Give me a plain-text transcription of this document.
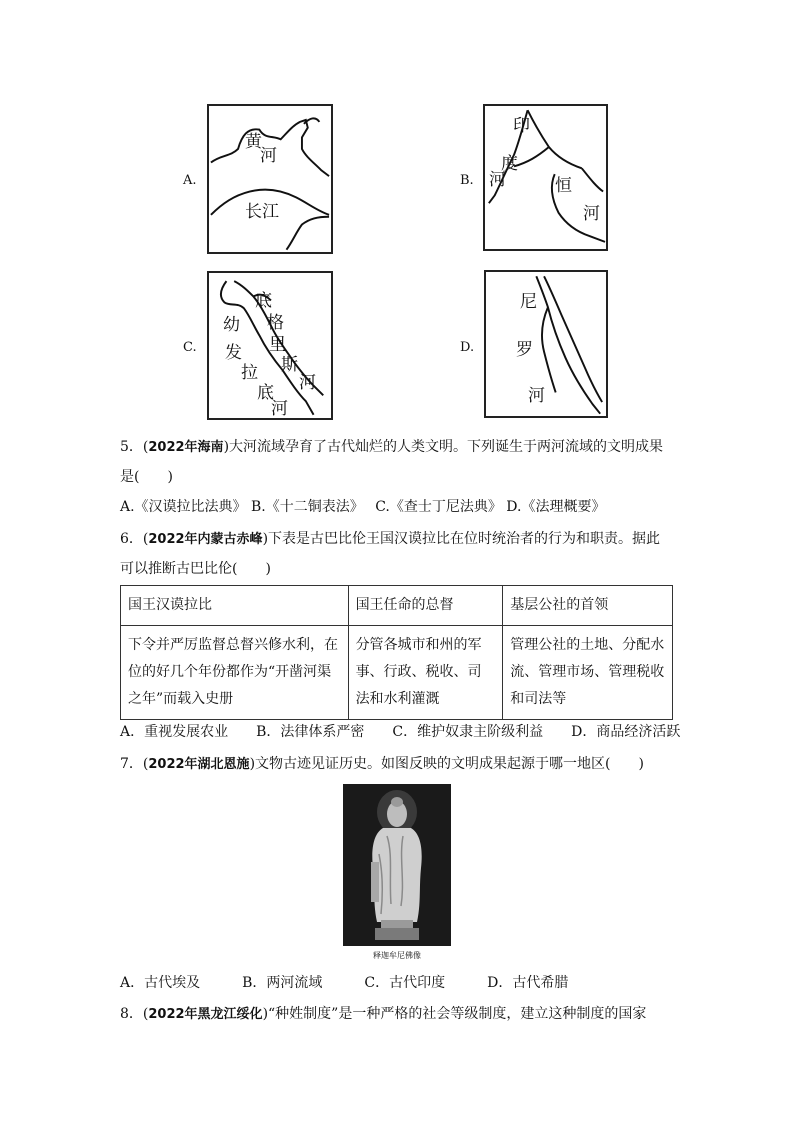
A.
黄
河
长江
B.
印
度
河	恒
河
C.
底
格
里
斯
河
幼
发
拉
底
河
D.
尼
罗
河
5．(2022年海南)大河流域孕育了古代灿烂的人类文明。下列诞生于两河流域的文明成果
是(　　)
A.《汉谟拉比法典》 B.《十二铜表法》　 C.《查士丁尼法典》 D.《法理概要》
6．(2022年内蒙古赤峰)下表是古巴比伦王国汉谟拉比在位时统治者的行为和职责。据此
可以推断古巴比伦(　　)
国王汉谟拉比	国王任命的总督	基层公社的首领
下令并严厉监督总督兴修水利，在位的好几个年份都作为“开凿河渠之年”而载入史册	分管各城市和州的军事、行政、税收、司法和水利灌溉	管理公社的土地、分配水流、管理市场、管理税收和司法等
A．重视发展农业　　B．法律体系严密　　C．维护奴隶主阶级利益　　D．商品经济活跃
7．(2022年湖北恩施)文物古迹见证历史。如图反映的文明成果起源于哪一地区(　　)
释迦牟尼佛像
A．古代埃及　　　B．两河流域　　　C．古代印度　　　D．古代希腊
8．(2022年黑龙江绥化)“种姓制度”是一种严格的社会等级制度，建立这种制度的国家
